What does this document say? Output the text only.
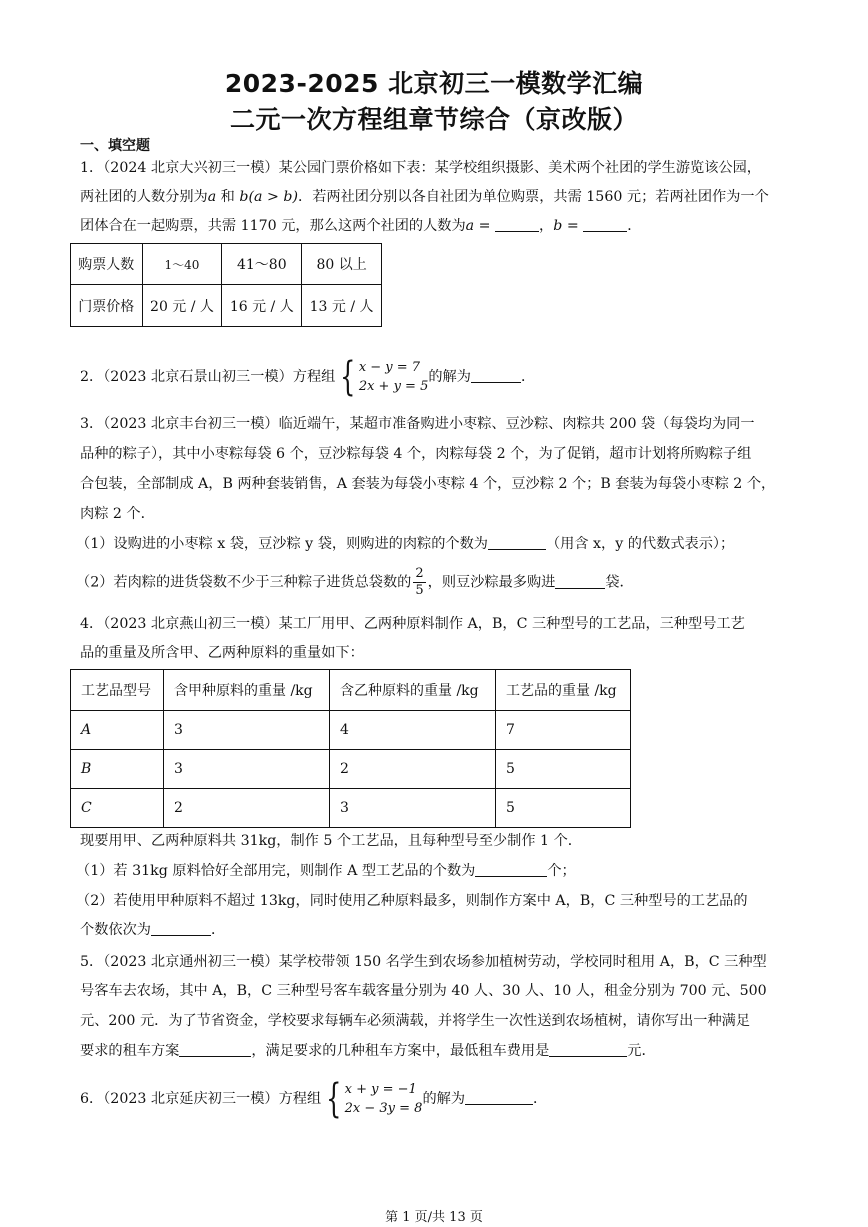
2023-2025 北京初三一模数学汇编
二元一次方程组章节综合（京改版）
一、填空题
1．（2024 北京大兴初三一模）某公园门票价格如下表：某学校组织摄影、美术两个社团的学生游览该公园，
两社团的人数分别为a 和 b(a > b)．若两社团分别以各自社团为单位购票，共需 1560 元；若两社团作为一个
团体合在一起购票，共需 1170 元，那么这两个社团的人数为a =	，b =	．
购票人数	1～40	41～80	80 以上
门票价格	20 元 / 人	16 元 / 人	13 元 / 人
2．（2023 北京石景山初三一模）方程组 { x − y = 7
2x + y = 5
的解为	．
3．（2023 北京丰台初三一模）临近端午，某超市准备购进小枣粽、豆沙粽、肉粽共 200 袋（每袋均为同一
品种的粽子），其中小枣粽每袋 6 个，豆沙粽每袋 4 个，肉粽每袋 2 个，为了促销，超市计划将所购粽子组
合包装，全部制成 A，B 两种套装销售，A 套装为每袋小枣粽 4 个，豆沙粽 2 个；B 套装为每袋小枣粽 2 个，
肉粽 2 个．
（1）设购进的小枣粽 x 袋，豆沙粽 y 袋，则购进的肉粽的个数为	（用含 x，y 的代数式表示）；
（2）若肉粽的进货袋数不少于三种粽子进货总袋数的 $\frac{2}{5}$ ，则豆沙粽最多购进	袋．
4．（2023 北京燕山初三一模）某工厂用甲、乙两种原料制作 A，B，C 三种型号的工艺品，三种型号工艺
品的重量及所含甲、乙两种原料的重量如下：
工艺品型号	含甲种原料的重量 /kg	含乙种原料的重量 /kg	工艺品的重量 /kg
A	3	4	7
B	3	2	5
C	2	3	5
现要用甲、乙两种原料共 31kg，制作 5 个工艺品，且每种型号至少制作 1 个．
（1）若 31kg 原料恰好全部用完，则制作 A 型工艺品的个数为	个；
（2）若使用甲种原料不超过 13kg，同时使用乙种原料最多，则制作方案中 A，B，C 三种型号的工艺品的
个数依次为	．
5．（2023 北京通州初三一模）某学校带领 150 名学生到农场参加植树劳动，学校同时租用 A，B，C 三种型
号客车去农场，其中 A，B，C 三种型号客车载客量分别为 40 人、30 人、10 人，租金分别为 700 元、500
元、200 元．为了节省资金，学校要求每辆车必须满载，并将学生一次性送到农场植树，请你写出一种满足
要求的租车方案	，满足要求的几种租车方案中，最低租车费用是	元．
6．（2023 北京延庆初三一模）方程组 { x + y = −1
2x − 3y = 8
的解为	．
第 1 页/共 13 页
